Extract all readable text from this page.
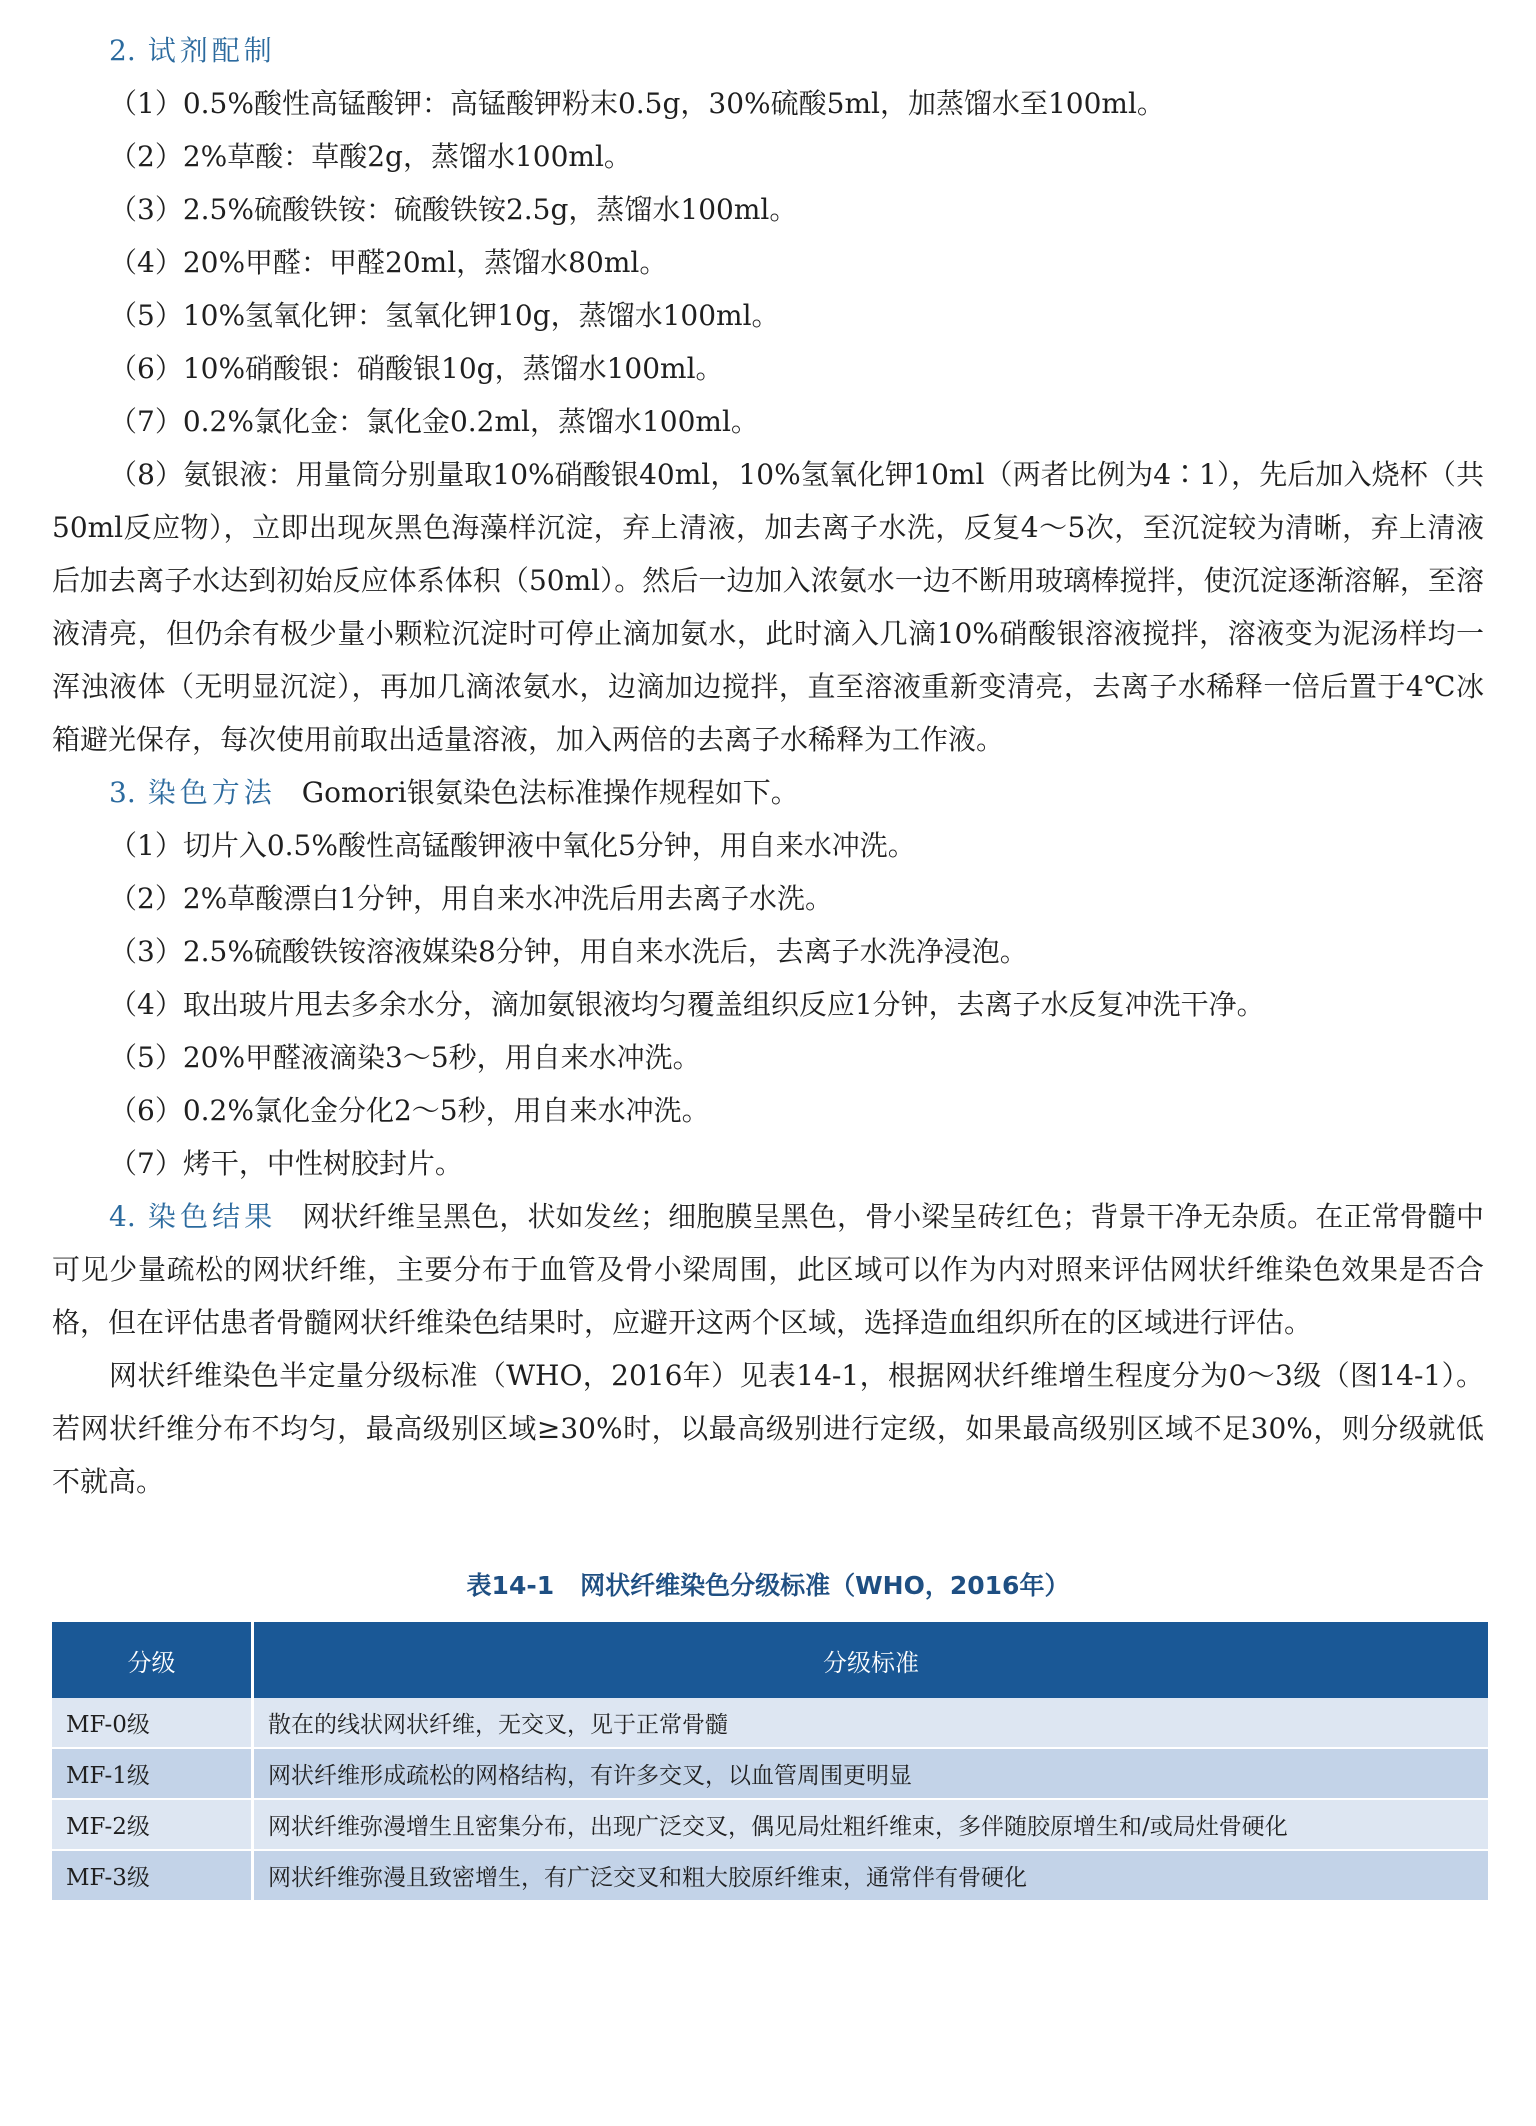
2. 试剂配制

（1）0.5%酸性高锰酸钾：高锰酸钾粉末0.5g，30%硫酸5ml，加蒸馏水至100ml。

（2）2%草酸：草酸2g，蒸馏水100ml。

（3）2.5%硫酸铁铵：硫酸铁铵2.5g，蒸馏水100ml。

（4）20%甲醛：甲醛20ml，蒸馏水80ml。

（5）10%氢氧化钾：氢氧化钾10g，蒸馏水100ml。

（6）10%硝酸银：硝酸银10g，蒸馏水100ml。

（7）0.2%氯化金：氯化金0.2ml，蒸馏水100ml。

（8）氨银液：用量筒分别量取10%硝酸银40ml，10%氢氧化钾10ml（两者比例为4∶1），先后加入烧杯（共50ml反应物），立即出现灰黑色海藻样沉淀，弃上清液，加去离子水洗，反复4～5次，至沉淀较为清晰，弃上清液后加去离子水达到初始反应体系体积（50ml）。然后一边加入浓氨水一边不断用玻璃棒搅拌，使沉淀逐渐溶解，至溶液清亮，但仍余有极少量小颗粒沉淀时可停止滴加氨水，此时滴入几滴10%硝酸银溶液搅拌，溶液变为泥汤样均一浑浊液体（无明显沉淀），再加几滴浓氨水，边滴加边搅拌，直至溶液重新变清亮，去离子水稀释一倍后置于4℃冰箱避光保存，每次使用前取出适量溶液，加入两倍的去离子水稀释为工作液。

3. 染色方法 Gomori银氨染色法标准操作规程如下。

（1）切片入0.5%酸性高锰酸钾液中氧化5分钟，用自来水冲洗。

（2）2%草酸漂白1分钟，用自来水冲洗后用去离子水洗。

（3）2.5%硫酸铁铵溶液媒染8分钟，用自来水洗后，去离子水洗净浸泡。

（4）取出玻片甩去多余水分，滴加氨银液均匀覆盖组织反应1分钟，去离子水反复冲洗干净。

（5）20%甲醛液滴染3～5秒，用自来水冲洗。

（6）0.2%氯化金分化2～5秒，用自来水冲洗。

（7）烤干，中性树胶封片。

4. 染色结果 网状纤维呈黑色，状如发丝；细胞膜呈黑色，骨小梁呈砖红色；背景干净无杂质。在正常骨髓中可见少量疏松的网状纤维，主要分布于血管及骨小梁周围，此区域可以作为内对照来评估网状纤维染色效果是否合格，但在评估患者骨髓网状纤维染色结果时，应避开这两个区域，选择造血组织所在的区域进行评估。

网状纤维染色半定量分级标准（WHO，2016年）见表14-1，根据网状纤维增生程度分为0～3级（图14-1）。若网状纤维分布不均匀，最高级别区域≥30%时，以最高级别进行定级，如果最高级别区域不足30%，则分级就低不就高。

表14-1 网状纤维染色分级标准（WHO，2016年）
分级	分级标准
MF-0级	散在的线状网状纤维，无交叉，见于正常骨髓
MF-1级	网状纤维形成疏松的网格结构，有许多交叉，以血管周围更明显
MF-2级	网状纤维弥漫增生且密集分布，出现广泛交叉，偶见局灶粗纤维束，多伴随胶原增生和/或局灶骨硬化
MF-3级	网状纤维弥漫且致密增生，有广泛交叉和粗大胶原纤维束，通常伴有骨硬化
